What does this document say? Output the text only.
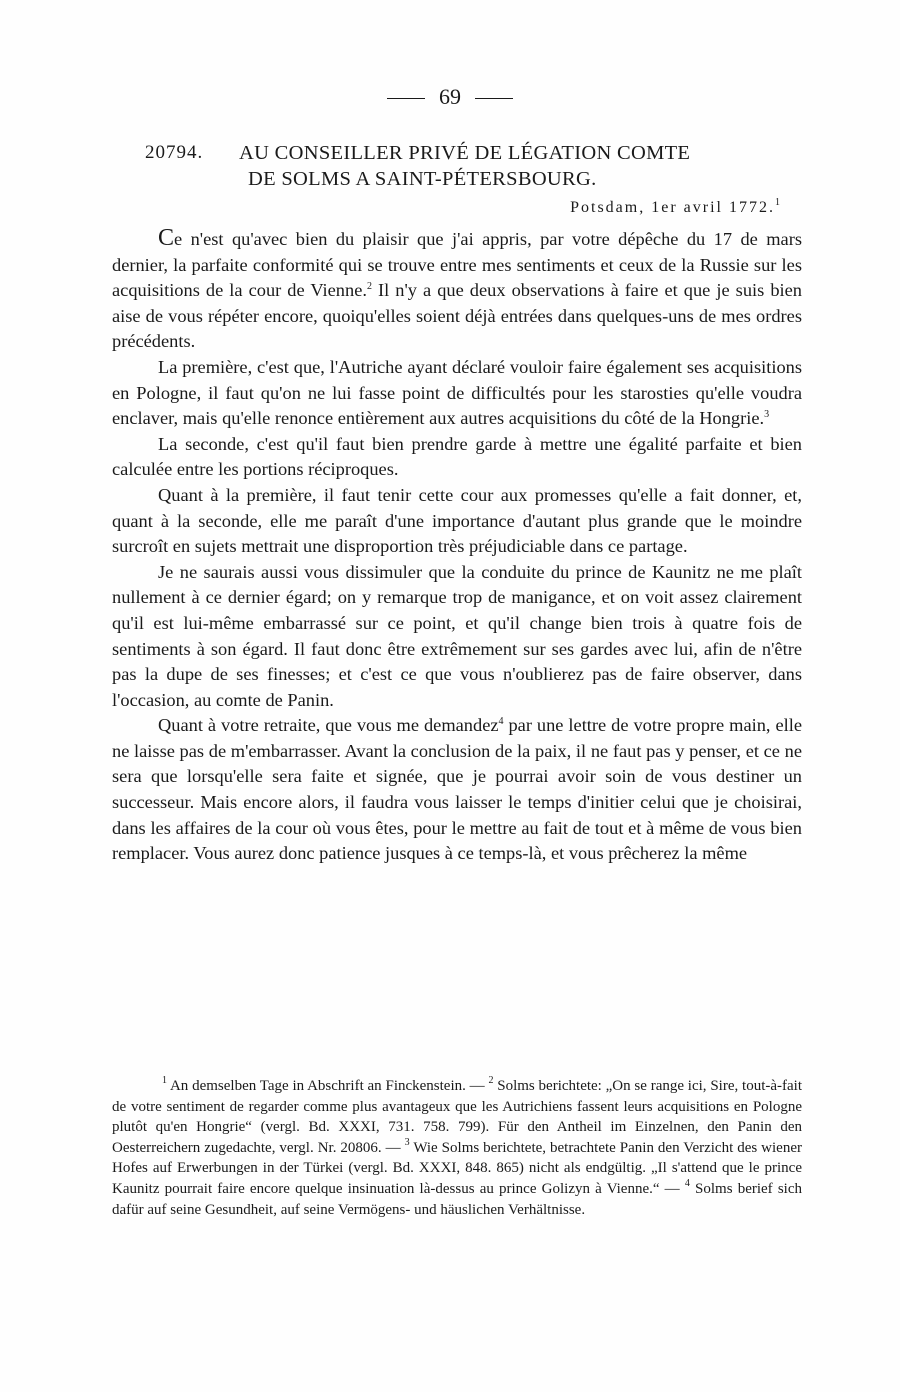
69
20794. AU CONSEILLER PRIVÉ DE LÉGATION COMTE
DE SOLMS A SAINT-PÉTERSBOURG.
Potsdam, 1er avril 1772.$^1$

Ce n'est qu'avec bien du plaisir que j'ai appris, par votre dépêche du 17 de mars dernier, la parfaite conformité qui se trouve entre mes sentiments et ceux de la Russie sur les acquisitions de la cour de Vienne.$^2$ Il n'y a que deux observations à faire et que je suis bien aise de vous répéter encore, quoiqu'elles soient déjà entrées dans quelques-uns de mes ordres précédents.

La première, c'est que, l'Autriche ayant déclaré vouloir faire également ses acquisitions en Pologne, il faut qu'on ne lui fasse point de difficultés pour les starosties qu'elle voudra enclaver, mais qu'elle renonce entièrement aux autres acquisitions du côté de la Hongrie.$^3$

La seconde, c'est qu'il faut bien prendre garde à mettre une égalité parfaite et bien calculée entre les portions réciproques.

Quant à la première, il faut tenir cette cour aux promesses qu'elle a fait donner, et, quant à la seconde, elle me paraît d'une importance d'autant plus grande que le moindre surcroît en sujets mettrait une disproportion très préjudiciable dans ce partage.

Je ne saurais aussi vous dissimuler que la conduite du prince de Kaunitz ne me plaît nullement à ce dernier égard; on y remarque trop de manigance, et on voit assez clairement qu'il est lui-même embarrassé sur ce point, et qu'il change bien trois à quatre fois de sentiments à son égard. Il faut donc être extrêmement sur ses gardes avec lui, afin de n'être pas la dupe de ses finesses; et c'est ce que vous n'oublierez pas de faire observer, dans l'occasion, au comte de Panin.

Quant à votre retraite, que vous me demandez$^4$ par une lettre de votre propre main, elle ne laisse pas de m'embarrasser. Avant la conclusion de la paix, il ne faut pas y penser, et ce ne sera que lorsqu'elle sera faite et signée, que je pourrai avoir soin de vous destiner un successeur. Mais encore alors, il faudra vous laisser le temps d'initier celui que je choisirai, dans les affaires de la cour où vous êtes, pour le mettre au fait de tout et à même de vous bien remplacer. Vous aurez donc patience jusques à ce temps-là, et vous prêcherez la même

$^1$ An demselben Tage in Abschrift an Finckenstein. — $^2$ Solms berichtete: „On se range ici, Sire, tout-à-fait de votre sentiment de regarder comme plus avantageux que les Autrichiens fassent leurs acquisitions en Pologne plutôt qu'en Hongrie“ (vergl. Bd. XXXI, 731. 758. 799). Für den Antheil im Einzelnen, den Panin den Oesterreichern zugedachte, vergl. Nr. 20806. — $^3$ Wie Solms berichtete, betrachtete Panin den Verzicht des wiener Hofes auf Erwerbungen in der Türkei (vergl. Bd. XXXI, 848. 865) nicht als endgültig. „Il s'attend que le prince Kaunitz pourrait faire encore quelque insinuation là-dessus au prince Golizyn à Vienne.“ — $^4$ Solms berief sich dafür auf seine Gesundheit, auf seine Vermögens- und häuslichen Verhältnisse.
